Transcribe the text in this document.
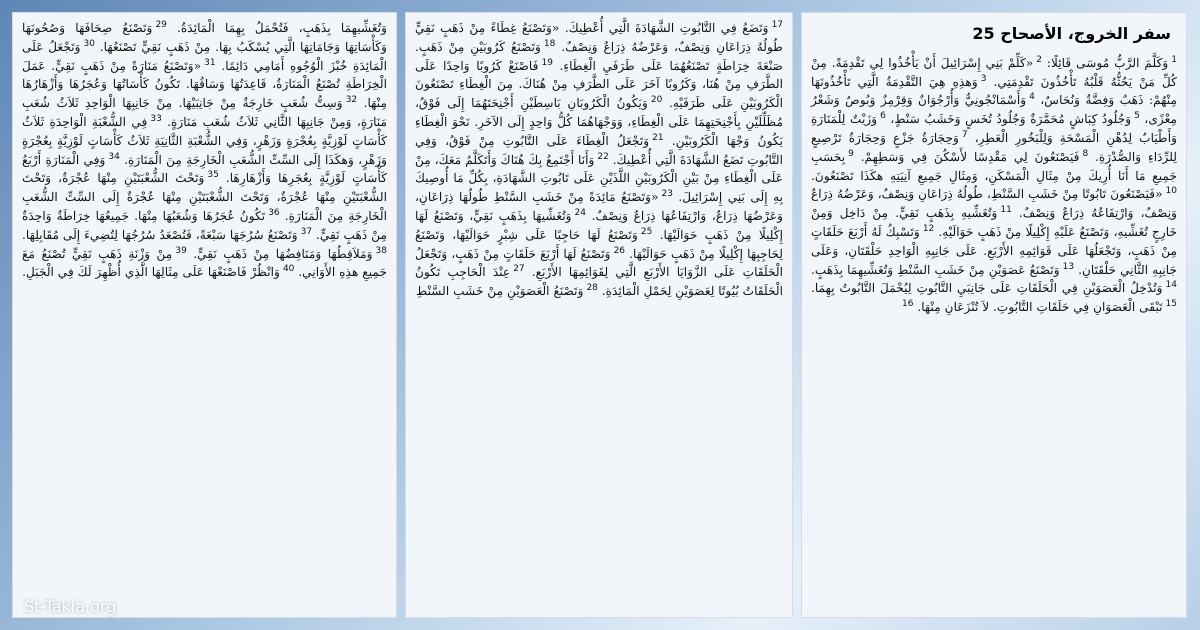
سفر الخروج، الأصحاح 25
$^1$وَكَلَّمَ الرَّبُّ مُوسَى قَائِلًا: $^2$«كَلِّمْ بَنِي إِسْرَائِيلَ أَنْ يَأْخُذُوا لِي تَقْدِمَةً. مِنْ كُلِّ مَنْ يَحُثُّهُ قَلْبُهُ تَأْخُذُونَ تَقْدِمَتِي. $^3$وَهذِهِ هِيَ التَّقْدِمَةُ الَّتِي تَأْخُذُونَهَا مِنْهُمْ: ذَهَبٌ وَفِضَّةٌ وَنُحَاسٌ، $^4$وَأَسْمَانْجُونِيٌّ وَأُرْجُوَانٌ وَقِرْمِزٌ وَبُوصٌ وَشَعْرُ مِعْزًى، $^5$وَجُلُودُ كِبَاشٍ مُحَمَّرَةٌ وَجُلُودُ تُخَسٍ وَخَشَبُ سَنْطٍ، $^6$وَزَيْتٌ لِلْمَنَارَةِ وَأَطْيَابٌ لِدُهْنِ الْمَسْحَةِ وَلِلْبَخُورِ الْعَطِرِ، $^7$وَحِجَارَةُ جَزْعٍ وَحِجَارَةُ تَرْصِيعٍ لِلرِّدَاءِ وَالصُّدْرَةِ. $^8$فَيَصْنَعُونَ لِي مَقْدِسًا لأَسْكُنَ فِي وَسَطِهِمْ. $^9$بِحَسَبِ جَمِيعِ مَا أَنَا أُرِيكَ مِنْ مِثَالِ الْمَسْكَنِ، وَمِثَالِ جَمِيعِ آنِيَتِهِ هكَذَا تَصْنَعُونَ. $^{10}$«فَيَصْنَعُونَ تَابُوتًا مِنْ خَشَبِ السَّنْطِ، طُولُهُ ذِرَاعَانِ وَنِصْفٌ، وَعَرْضُهُ ذِرَاعٌ وَنِصْفٌ، وَارْتِفَاعُهُ ذِرَاعٌ وَنِصْفٌ. $^{11}$وَتُغَشِّيهِ بِذَهَبٍ نَقِيٍّ. مِنْ دَاخِل وَمِنْ خَارِجٍ تُغَشِّيهِ، وَتَصْنَعُ عَلَيْهِ إِكْلِيلًا مِنْ ذَهَبٍ حَوَالَيْهِ. $^{12}$وَتَسْبِكُ لَهُ أَرْبَعَ حَلَقَاتٍ مِنْ ذَهَبٍ، وَتَجْعَلُهَا عَلَى قَوَائِمِهِ الأَرْبَعِ. عَلَى جَانِبِهِ الْوَاحِدِ حَلْقَتَانِ، وَعَلَى جَانِبِهِ الثَّانِي حَلْقَتَانِ. $^{13}$وَتَصْنَعُ عَصَوَيْنِ مِنْ خَشَبِ السَّنْطِ وَتُغَشِّيهِمَا بِذَهَبٍ. $^{14}$وَتُدْخِلُ الْعَصَوَيْنِ فِي الْحَلَقَاتِ عَلَى جَانِبَيِ التَّابُوتِ لِيُحْمَلَ التَّابُوتُ بِهِمَا. $^{15}$تَبْقَى الْعَصَوَانِ فِي حَلَقَاتِ التَّابُوتِ. لاَ تُنْزَعَانِ مِنْهَا. $^{16}$
$^{17}$وَتَضَعُ فِي التَّابُوتِ الشَّهَادَةَ الَّتِي أُعْطِيكَ. «وَتَصْنَعُ غِطَاءً مِنْ ذَهَبٍ نَقِيٍّ طُولُهُ ذِرَاعَانِ وَنِصْفٌ، وَعَرْضُهُ ذِرَاعٌ وَنِصْفٌ. $^{18}$وَتَصْنَعُ كَرُوبَيْنِ مِنْ ذَهَبٍ. صَنْعَةَ خِرَاطَةٍ تَصْنَعُهُمَا عَلَى طَرَفَيِ الْغِطَاءِ. $^{19}$فَاصْنَعْ كَرُوبًا وَاحِدًا عَلَى الطَّرَفِ مِنْ هُنَا، وَكَرُوبًا آخَرَ عَلَى الطَّرَفِ مِنْ هُنَاكَ. مِنَ الْغِطَاءِ تَصْنَعُونَ الْكَرُوبَيْنِ عَلَى طَرَفَيْهِ. $^{20}$وَيَكُونُ الْكَرُوبَانِ بَاسِطَيْنِ أَجْنِحَتَهُمَا إِلَى فَوْقُ، مُظَلِّلَيْنِ بِأَجْنِحَتِهِمَا عَلَى الْغِطَاءِ، وَوَجْهَاهُمَا كُلُّ وَاحِدٍ إِلَى الآخَرِ. نَحْوَ الْغِطَاءِ يَكُونُ وَجْهَا الْكَرُوبَيْنِ. $^{21}$وَتَجْعَلُ الْغِطَاءَ عَلَى التَّابُوتِ مِنْ فَوْقُ، وَفِي التَّابُوتِ تَضَعُ الشَّهَادَةَ الَّتِي أُعْطِيكَ. $^{22}$وَأَنَا أَجْتَمِعُ بِكَ هُنَاكَ وَأَتَكَلَّمُ مَعَكَ، مِنْ عَلَى الْغِطَاءِ مِنْ بَيْنِ الْكَرُوبَيْنِ اللَّذَيْنِ عَلَى تَابُوتِ الشَّهَادَةِ، بِكُلِّ مَا أُوصِيكَ بِهِ إِلَى بَنِي إِسْرَائِيلَ. $^{23}$«وَتَصْنَعُ مَائِدَةً مِنْ خَشَبِ السَّنْطِ طُولُهَا ذِرَاعَانِ، وَعَرْضُهَا ذِرَاعٌ، وَارْتِفَاعُهَا ذِرَاعٌ وَنِصْفٌ. $^{24}$وَتُغَشِّيهَا بِذَهَبٍ نَقِيٍّ، وَتَصْنَعُ لَهَا إِكْلِيلًا مِنْ ذَهَبٍ حَوَالَيْهَا. $^{25}$وَتَصْنَعُ لَهَا حَاجِبًا عَلَى شِبْرٍ حَوَالَيْهَا، وَتَصْنَعُ لِحَاجِبِهَا إِكْلِيلًا مِنْ ذَهَبٍ حَوَالَيْهَا. $^{26}$وَتَصْنَعُ لَهَا أَرْبَعَ حَلَقَاتٍ مِنْ ذَهَبٍ، وَتَجْعَلُ الْحَلَقَاتِ عَلَى الزَّوَايَا الأَرْبَعِ الَّتِي لِقَوَائِمِهَا الأَرْبَعِ. $^{27}$عِنْدَ الْحَاجِبِ تَكُونُ الْحَلَقَاتُ بُيُوتًا لِعَصَوَيْنِ لِحَمْلِ الْمَائِدَةِ. $^{28}$وَتَصْنَعُ الْعَصَوَيْنِ مِنْ خَشَبِ السَّنْطِ
وَتُغَشِّيهِمَا بِذَهَبٍ، فَتُحْمَلُ بِهِمَا الْمَائِدَةُ. $^{29}$وَتَصْنَعُ صِحَافَهَا وَصُحُونَهَا وَكَأْسَاتِهَا وَجَامَاتِهَا الَّتِي يُسْكَبُ بِهَا. مِنْ ذَهَبٍ نَقِيٍّ تَصْنَعُهَا. $^{30}$وَتَجْعَلُ عَلَى الْمَائِدَةِ خُبْزَ الْوُجُوهِ أَمَامِي دَائِمًا. $^{31}$«وَتَصْنَعُ مَنَارَةً مِنْ ذَهَبٍ نَقِيٍّ. عَمَلَ الْخِرَاطَةِ تُصْنَعُ الْمَنَارَةُ، قَاعِدَتُهَا وَسَاقُهَا. تَكُونُ كَأْسَاتُهَا وَعُجَرُهَا وَأَزْهَارُهَا مِنْهَا. $^{32}$وَسِتُّ شُعَبٍ خَارِجَةٌ مِنْ جَانِبَيْهَا. مِنْ جَانِبِهَا الْوَاحِدِ ثَلاَثُ شُعَبِ مَنَارَةٍ، وَمِنْ جَانِبِهَا الثَّانِي ثَلاَثُ شُعَبِ مَنَارَةٍ. $^{33}$فِي الشُّعْبَةِ الْوَاحِدَةِ ثَلاَثُ كَأْسَاتٍ لَوْزِيَّةٍ بِعُجْرَةٍ وَزَهْرٍ، وَفِي الشُّعْبَةِ الثَّانِيَةِ ثَلاَثُ كَأْسَاتٍ لَوْزِيَّةٍ بِعُجْرَةٍ وَزَهْرٍ، وَهكَذَا إِلَى السِّتِّ الشُّعَبِ الْخَارِجَةِ مِنَ الْمَنَارَةِ. $^{34}$وَفِي الْمَنَارَةِ أَرْبَعُ كَأْسَاتٍ لَوْزِيَّةٍ بِعُجَرِهَا وَأَزْهَارِهَا. $^{35}$وَتَحْتَ الشُّعْبَتَيْنِ مِنْهَا عُجْرَةٌ، وَتَحْتَ الشُّعْبَتَيْنِ مِنْهَا عُجْرَةٌ، وَتَحْتَ الشُّعْبَتَيْنِ مِنْهَا عُجْرَةٌ إِلَى السِّتِّ الشُّعَبِ الْخَارِجَةِ مِنَ الْمَنَارَةِ. $^{36}$تَكُونُ عُجَرُهَا وَشُعَبُهَا مِنْهَا. جَمِيعُهَا خِرَاطَةٌ وَاحِدَةٌ مِنْ ذَهَبٍ نَقِيٍّ. $^{37}$وَتَصْنَعُ سُرُجَهَا سَبْعَةً، فَتُصْعَدُ سُرُجُهَا لِتُضِيءَ إِلَى مُقَابِلِهَا. $^{38}$وَمَلاَقِطُهَا وَمَنَافِضُهَا مِنْ ذَهَبٍ نَقِيٍّ. $^{39}$مِنْ وَزْنَةِ ذَهَبٍ نَقِيٍّ تُصْنَعُ مَعَ جَمِيعِ هذِهِ الأَوَانِي. $^{40}$وَانْظُرْ فَاصْنَعْهَا عَلَى مِثَالِهَا الَّذِي أُظْهِرَ لَكَ فِي الْجَبَلِ.
St-Takla.org
